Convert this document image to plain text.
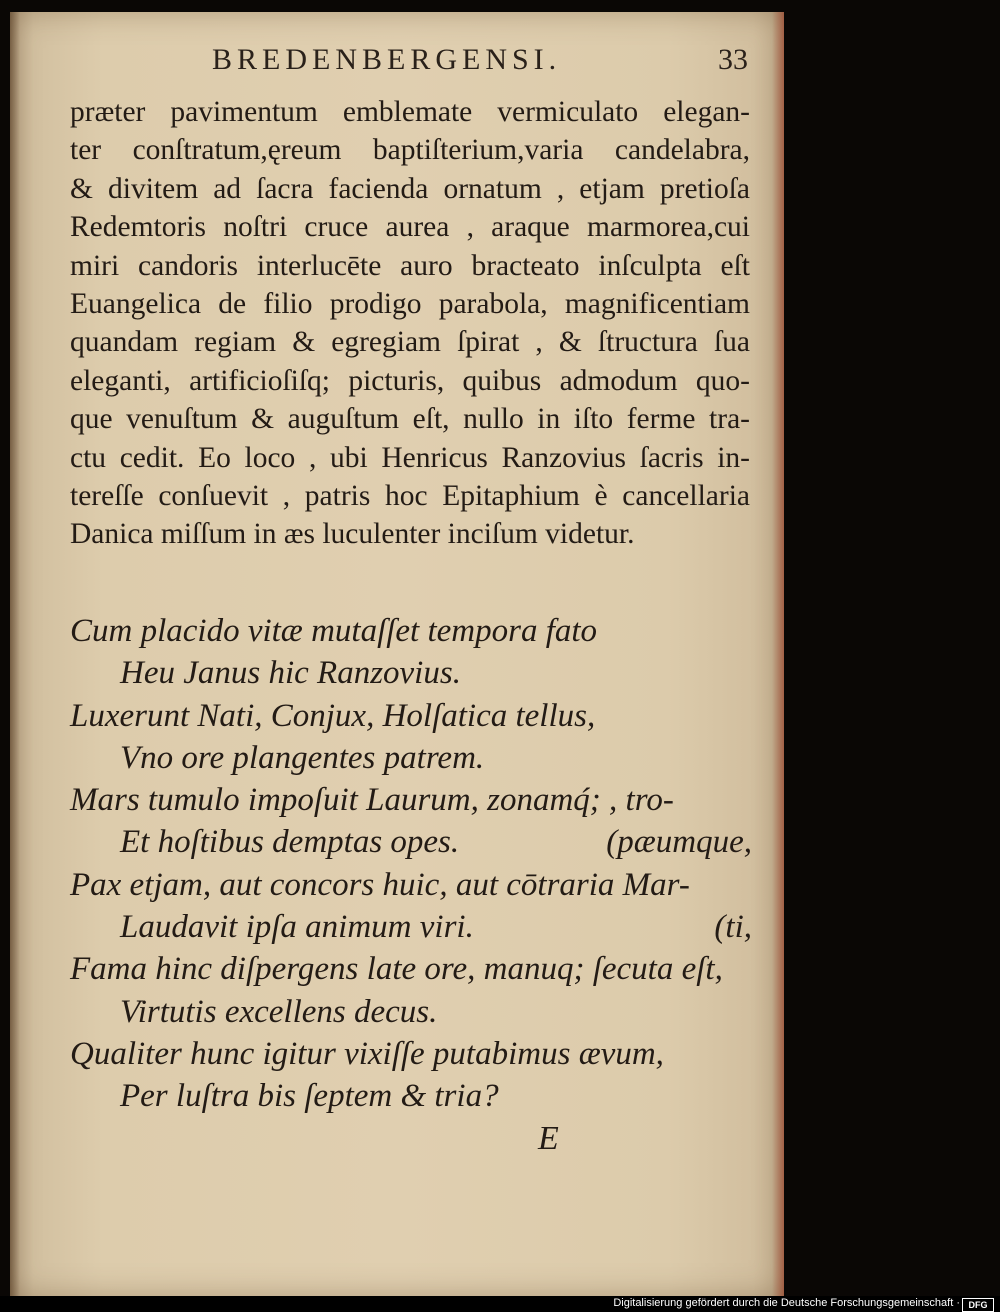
BREDENBERGENSI.	33
præter pavimentum emblemate vermiculato elegan-
ter conſtratum,ęreum baptiſterium,varia candelabra,
& divitem ad ſacra facienda ornatum , etjam pretioſa
Redemtoris noſtri cruce aurea , araque marmorea,cui
miri candoris interlucēte auro bracteato inſculpta eſt
Euangelica de filio prodigo parabola, magnificentiam
quandam regiam & egregiam ſpirat , & ſtructura ſua
eleganti, artificioſiſq; picturis, quibus admodum quo-
que venuſtum & auguſtum eſt, nullo in iſto ferme tra-
ctu cedit. Eo loco , ubi Henricus Ranzovius ſacris in-
tereſſe conſuevit , patris hoc Epitaphium è cancellaria
Danica miſſum in æs luculenter inciſum videtur.
Cum placido vitæ mutaſſet tempora fato
Heu Janus hic Ranzovius.
Luxerunt Nati, Conjux, Holſatica tellus,
Vno ore plangentes patrem.
Mars tumulo impoſuit Laurum, zonamq́; , tro-
Et hoſtibus demptas opes.	(pæumque,
Pax etjam, aut concors huic, aut cōtraria Mar-
Laudavit ipſa animum viri.	(ti,
Fama hinc diſpergens late ore, manuq; ſecuta eſt,
Virtutis excellens decus.
Qualiter hunc igitur vixiſſe putabimus ævum,
Per luſtra bis ſeptem & tria?
E
Digitalisierung gefördert durch die Deutsche Forschungsgemeinschaft · DFG
